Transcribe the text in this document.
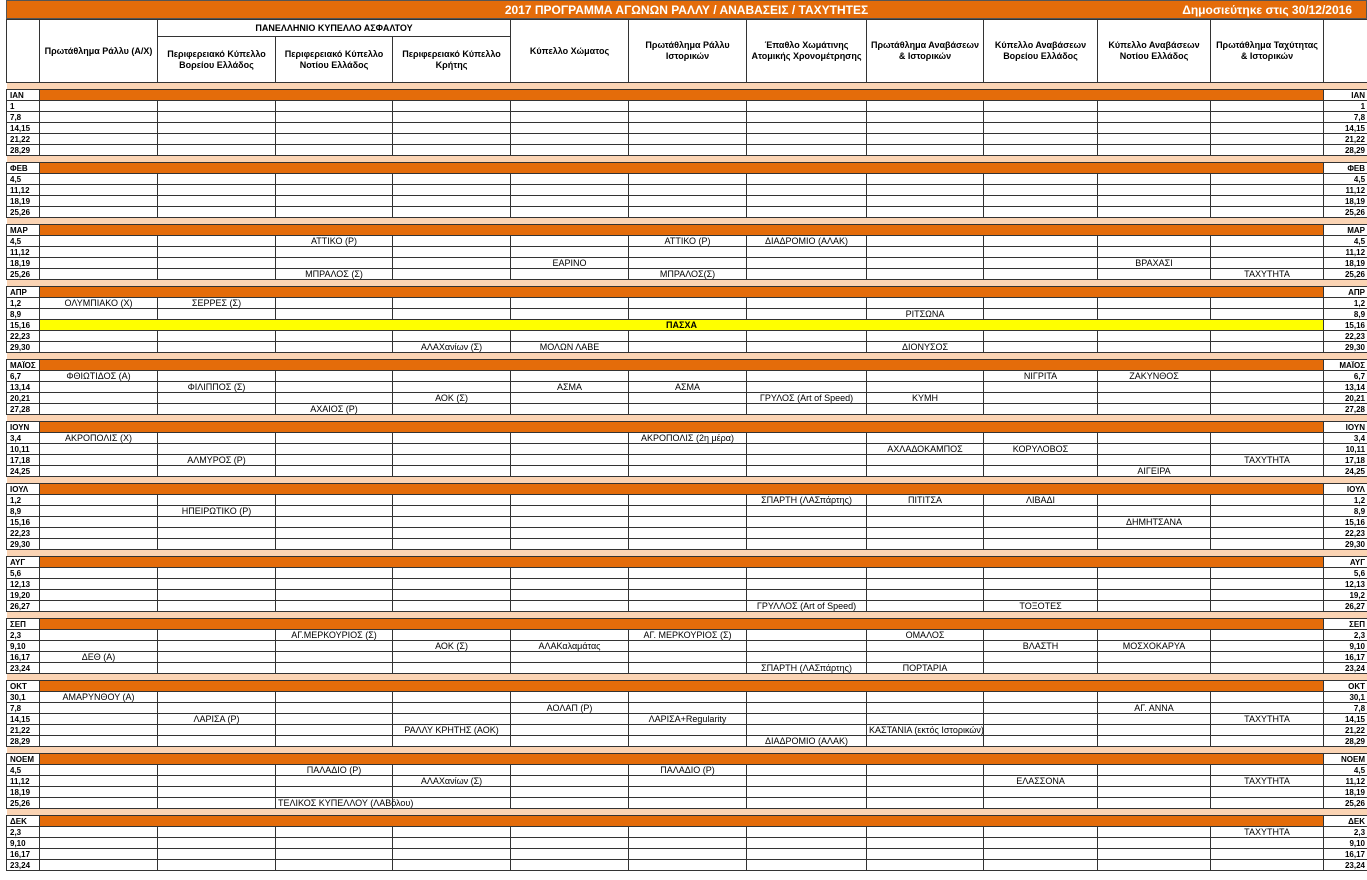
2017 ΠΡΟΓΡΑΜΜΑ ΑΓΩΝΩΝ ΡΑΛΛΥ / ΑΝΑΒΑΣΕΙΣ / ΤΑΧΥΤΗΤΕΣ	Δημοσιεύτηκε στις 30/12/2016
	Πρωτάθλημα Ράλλυ (Α/Χ)	ΠΑΝΕΛΛΗΝΙΟ ΚΥΠΕΛΛΟ ΑΣΦΑΛΤΟΥ			Κύπελλο Χώματος	Πρωτάθλημα Ράλλυ Ιστορικών	Έπαθλο Χωμάτινης Ατομικής Χρονομέτρησης	Πρωτάθλημα Αναβάσεων & Ιστορικών	Κύπελλο Αναβάσεων Βορείου Ελλάδος	Κύπελλο Αναβάσεων Νοτίου Ελλάδος	Πρωτάθλημα Ταχύτητας & Ιστορικών	
		Περιφερειακό Κύπελλο Βορείου Ελλάδος	Περιφερειακό Κύπελλο Νοτίου Ελλάδος	Περιφερειακό Κύπελλο Κρήτης								

ΙΑΝ												ΙΑΝ
1												1
7,8												7,8
14,15												14,15
21,22												21,22
28,29												28,29

ΦΕΒ												ΦΕΒ
4,5												4,5
11,12												11,12
18,19												18,19
25,26												25,26

ΜΑΡ												ΜΑΡ
4,5			ΑΤΤΙΚΟ (Ρ)			ΑΤΤΙΚΟ (Ρ)	ΔΙΑΔΡΟΜΙΟ (ΑΛΑΚ)					4,5
11,12												11,12
18,19					ΕΑΡΙΝΟ					ΒΡΑΧΑΣΙ		18,19
25,26			ΜΠΡΑΛΟΣ (Σ)			ΜΠΡΑΛΟΣ(Σ)					ΤΑΧΥΤΗΤΑ	25,26

ΑΠΡ												ΑΠΡ
1,2	ΟΛΥΜΠΙΑΚΟ (Χ)	ΣΕΡΡΕΣ (Σ)										1,2
8,9								ΡΙΤΣΩΝΑ				8,9
15,16	ΠΑΣΧΑ											15,16
22,23												22,23
29,30				ΑΛΑΧανίων (Σ)	ΜΟΛΩΝ ΛΑΒΕ			ΔΙΟΝΥΣΟΣ				29,30

ΜΑΪΟΣ												ΜΑΪΟΣ
6,7	ΦΘΙΩΤΙΔΟΣ (Α)								ΝΙΓΡΙΤΑ	ΖΑΚΥΝΘΟΣ		6,7
13,14		ΦΙΛΙΠΠΟΣ (Σ)			ΑΣΜΑ	ΑΣΜΑ						13,14
20,21				ΑΟΚ (Σ)			ΓΡΥΛΟΣ (Art of Speed)	ΚΥΜΗ				20,21
27,28			ΑΧΑΙΟΣ (Ρ)									27,28

ΙΟΥΝ												ΙΟΥΝ
3,4	ΑΚΡΟΠΟΛΙΣ (Χ)					ΑΚΡΟΠΟΛΙΣ (2η μέρα)						3,4
10,11								ΑΧΛΑΔΟΚΑΜΠΟΣ	ΚΟΡΥΛΟΒΟΣ			10,11
17,18		ΑΛΜΥΡΟΣ (Ρ)									ΤΑΧΥΤΗΤΑ	17,18
24,25										ΑΙΓΕΙΡΑ		24,25

ΙΟΥΛ												ΙΟΥΛ
1,2							ΣΠΑΡΤΗ (ΛΑΣπάρτης)	ΠΙΤΙΤΣΑ	ΛΙΒΑΔΙ			1,2
8,9		ΗΠΕΙΡΩΤΙΚΟ (Ρ)										8,9
15,16										ΔΗΜΗΤΣΑΝΑ		15,16
22,23												22,23
29,30												29,30

ΑΥΓ												ΑΥΓ
5,6												5,6
12,13												12,13
19,20												19,2
26,27							ΓΡΥΛΛΟΣ (Art of Speed)		ΤΟΞΟΤΕΣ			26,27

ΣΕΠ												ΣΕΠ
2,3			ΑΓ.ΜΕΡΚΟΥΡΙΟΣ (Σ)			ΑΓ. ΜΕΡΚΟΥΡΙΟΣ (Σ)		ΟΜΑΛΟΣ				2,3
9,10				ΑΟΚ (Σ)	ΑΛΑΚαλαμάτας				ΒΛΑΣΤΗ	ΜΟΣΧΟΚΑΡΥΑ		9,10
16,17	ΔΕΘ (Α)											16,17
23,24							ΣΠΑΡΤΗ (ΛΑΣπάρτης)	ΠΟΡΤΑΡΙΑ				23,24

ΟΚΤ												ΟΚΤ
30,1	ΑΜΑΡΥΝΘΟΥ (Α)											30,1
7,8					ΑΟΛΑΠ (Ρ)					ΑΓ. ΑΝΝΑ		7,8
14,15		ΛΑΡΙΣΑ (Ρ)				ΛΑΡΙΣΑ+Regularity					ΤΑΧΥΤΗΤΑ	14,15
21,22				ΡΑΛΛΥ ΚΡΗΤΗΣ (ΑΟΚ)				ΚΑΣΤΑΝΙΑ (εκτός Ιστορικών)				21,22
28,29							ΔΙΑΔΡΟΜΙΟ (ΑΛΑΚ)					28,29

ΝΟΕΜ												ΝΟΕΜ
4,5			ΠΑΛΑΔΙΟ (Ρ)			ΠΑΛΑΔΙΟ (Ρ)						4,5
11,12				ΑΛΑΧανίων (Σ)					ΕΛΑΣΣΟΝΑ		ΤΑΧΥΤΗΤΑ	11,12
18,19												18,19
25,26			ΤΕΛΙΚΟΣ ΚΥΠΕΛΛΟΥ (ΛΑΒόλου)									25,26

ΔΕΚ												ΔΕΚ
2,3											ΤΑΧΥΤΗΤΑ	2,3
9,10												9,10
16,17												16,17
23,24												23,24
